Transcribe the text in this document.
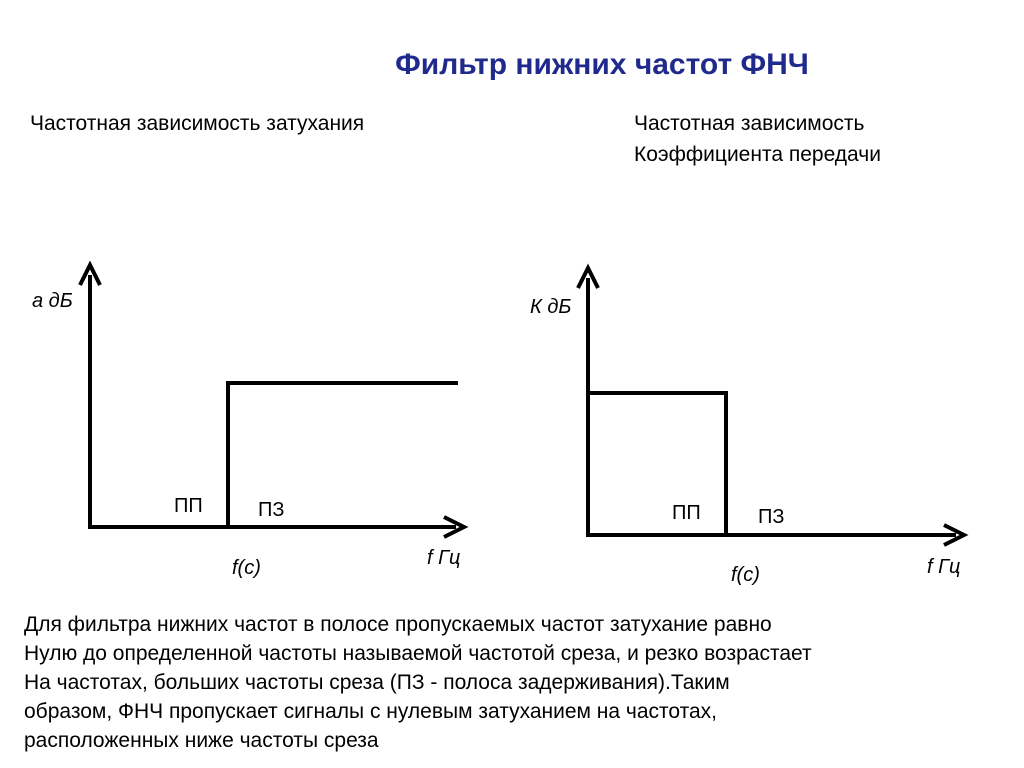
Фильтр нижних частот ФНЧ
Частотная зависимость затухания	Частотная зависимость
Коэффициента передачи
а дБ
ПП	ПЗ
f(c)	f Гц
К дБ
ПП	ПЗ
f(c)	f Гц
Для фильтра нижних частот в полосе пропускаемых частот затухание равно
Нулю до определенной частоты называемой частотой среза, и резко возрастает
На частотах, больших частоты среза (ПЗ - полоса задерживания).Таким
образом, ФНЧ пропускает сигналы с нулевым затуханием на частотах,
расположенных ниже частоты среза
